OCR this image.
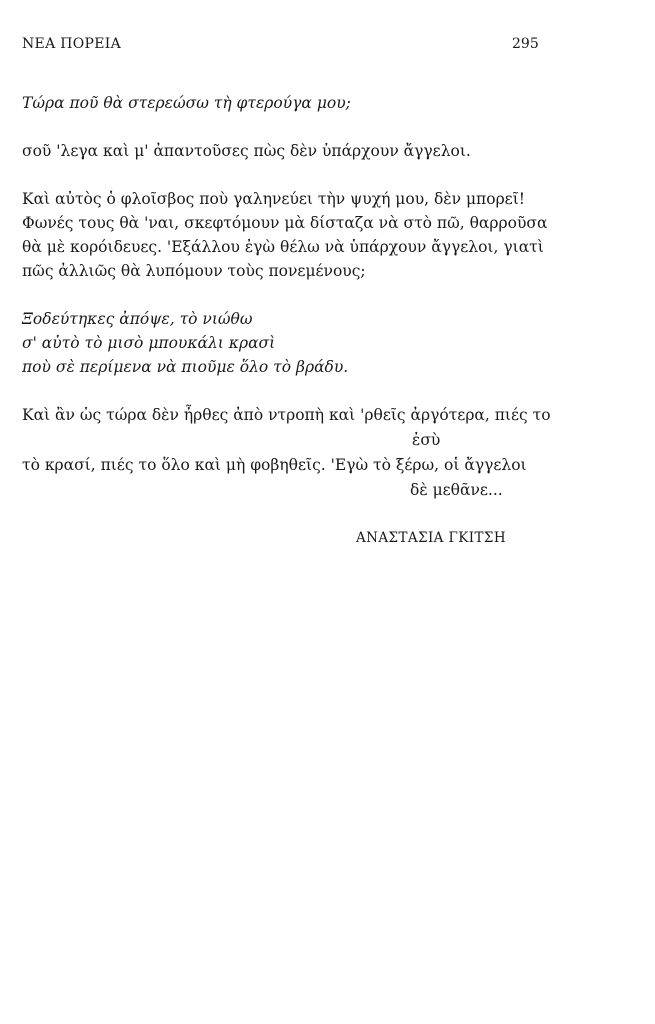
ΝΕΑ ΠΟΡΕΙΑ	295
Τώρα ποῦ θὰ στερεώσω τὴ φτερούγα μου;
σοῦ 'λεγα καὶ μ' ἀπαντοῦσες πὼς δὲν ὑπάρχουν ἄγγελοι.
Καὶ αὐτὸς ὁ φλοῖσβος ποὺ γαληνεύει τὴν ψυχή μου, δὲν μπορεῖ!
Φωνές τους θὰ 'ναι, σκεφτόμουν μὰ δίσταζα νὰ στὸ πῶ, θαρροῦσα
θὰ μὲ κορόιδευες. 'Εξάλλου ἐγὼ θέλω νὰ ὑπάρχουν ἄγγελοι, γιατὶ
πῶς ἀλλιῶς θὰ λυπόμουν τοὺς πονεμένους;
Ξοδεύτηκες ἀπόψε, τὸ νιώθω
σ' αὐτὸ τὸ μισὸ μπουκάλι κρασὶ
ποὺ σὲ περίμενα νὰ πιοῦμε ὅλο τὸ βράδυ.
Καὶ ἂν ὡς τώρα δὲν ἦρθες ἀπὸ ντροπὴ καὶ 'ρθεῖς ἀργότερα, πιές το
ἐσὺ
τὸ κρασί, πιές το ὅλο καὶ μὴ φοβηθεῖς. 'Εγὼ τὸ ξέρω, οἱ ἄγγελοι
δὲ μεθᾶνε...
ΑΝΑΣΤΑΣΙΑ ΓΚΙΤΣΗ
